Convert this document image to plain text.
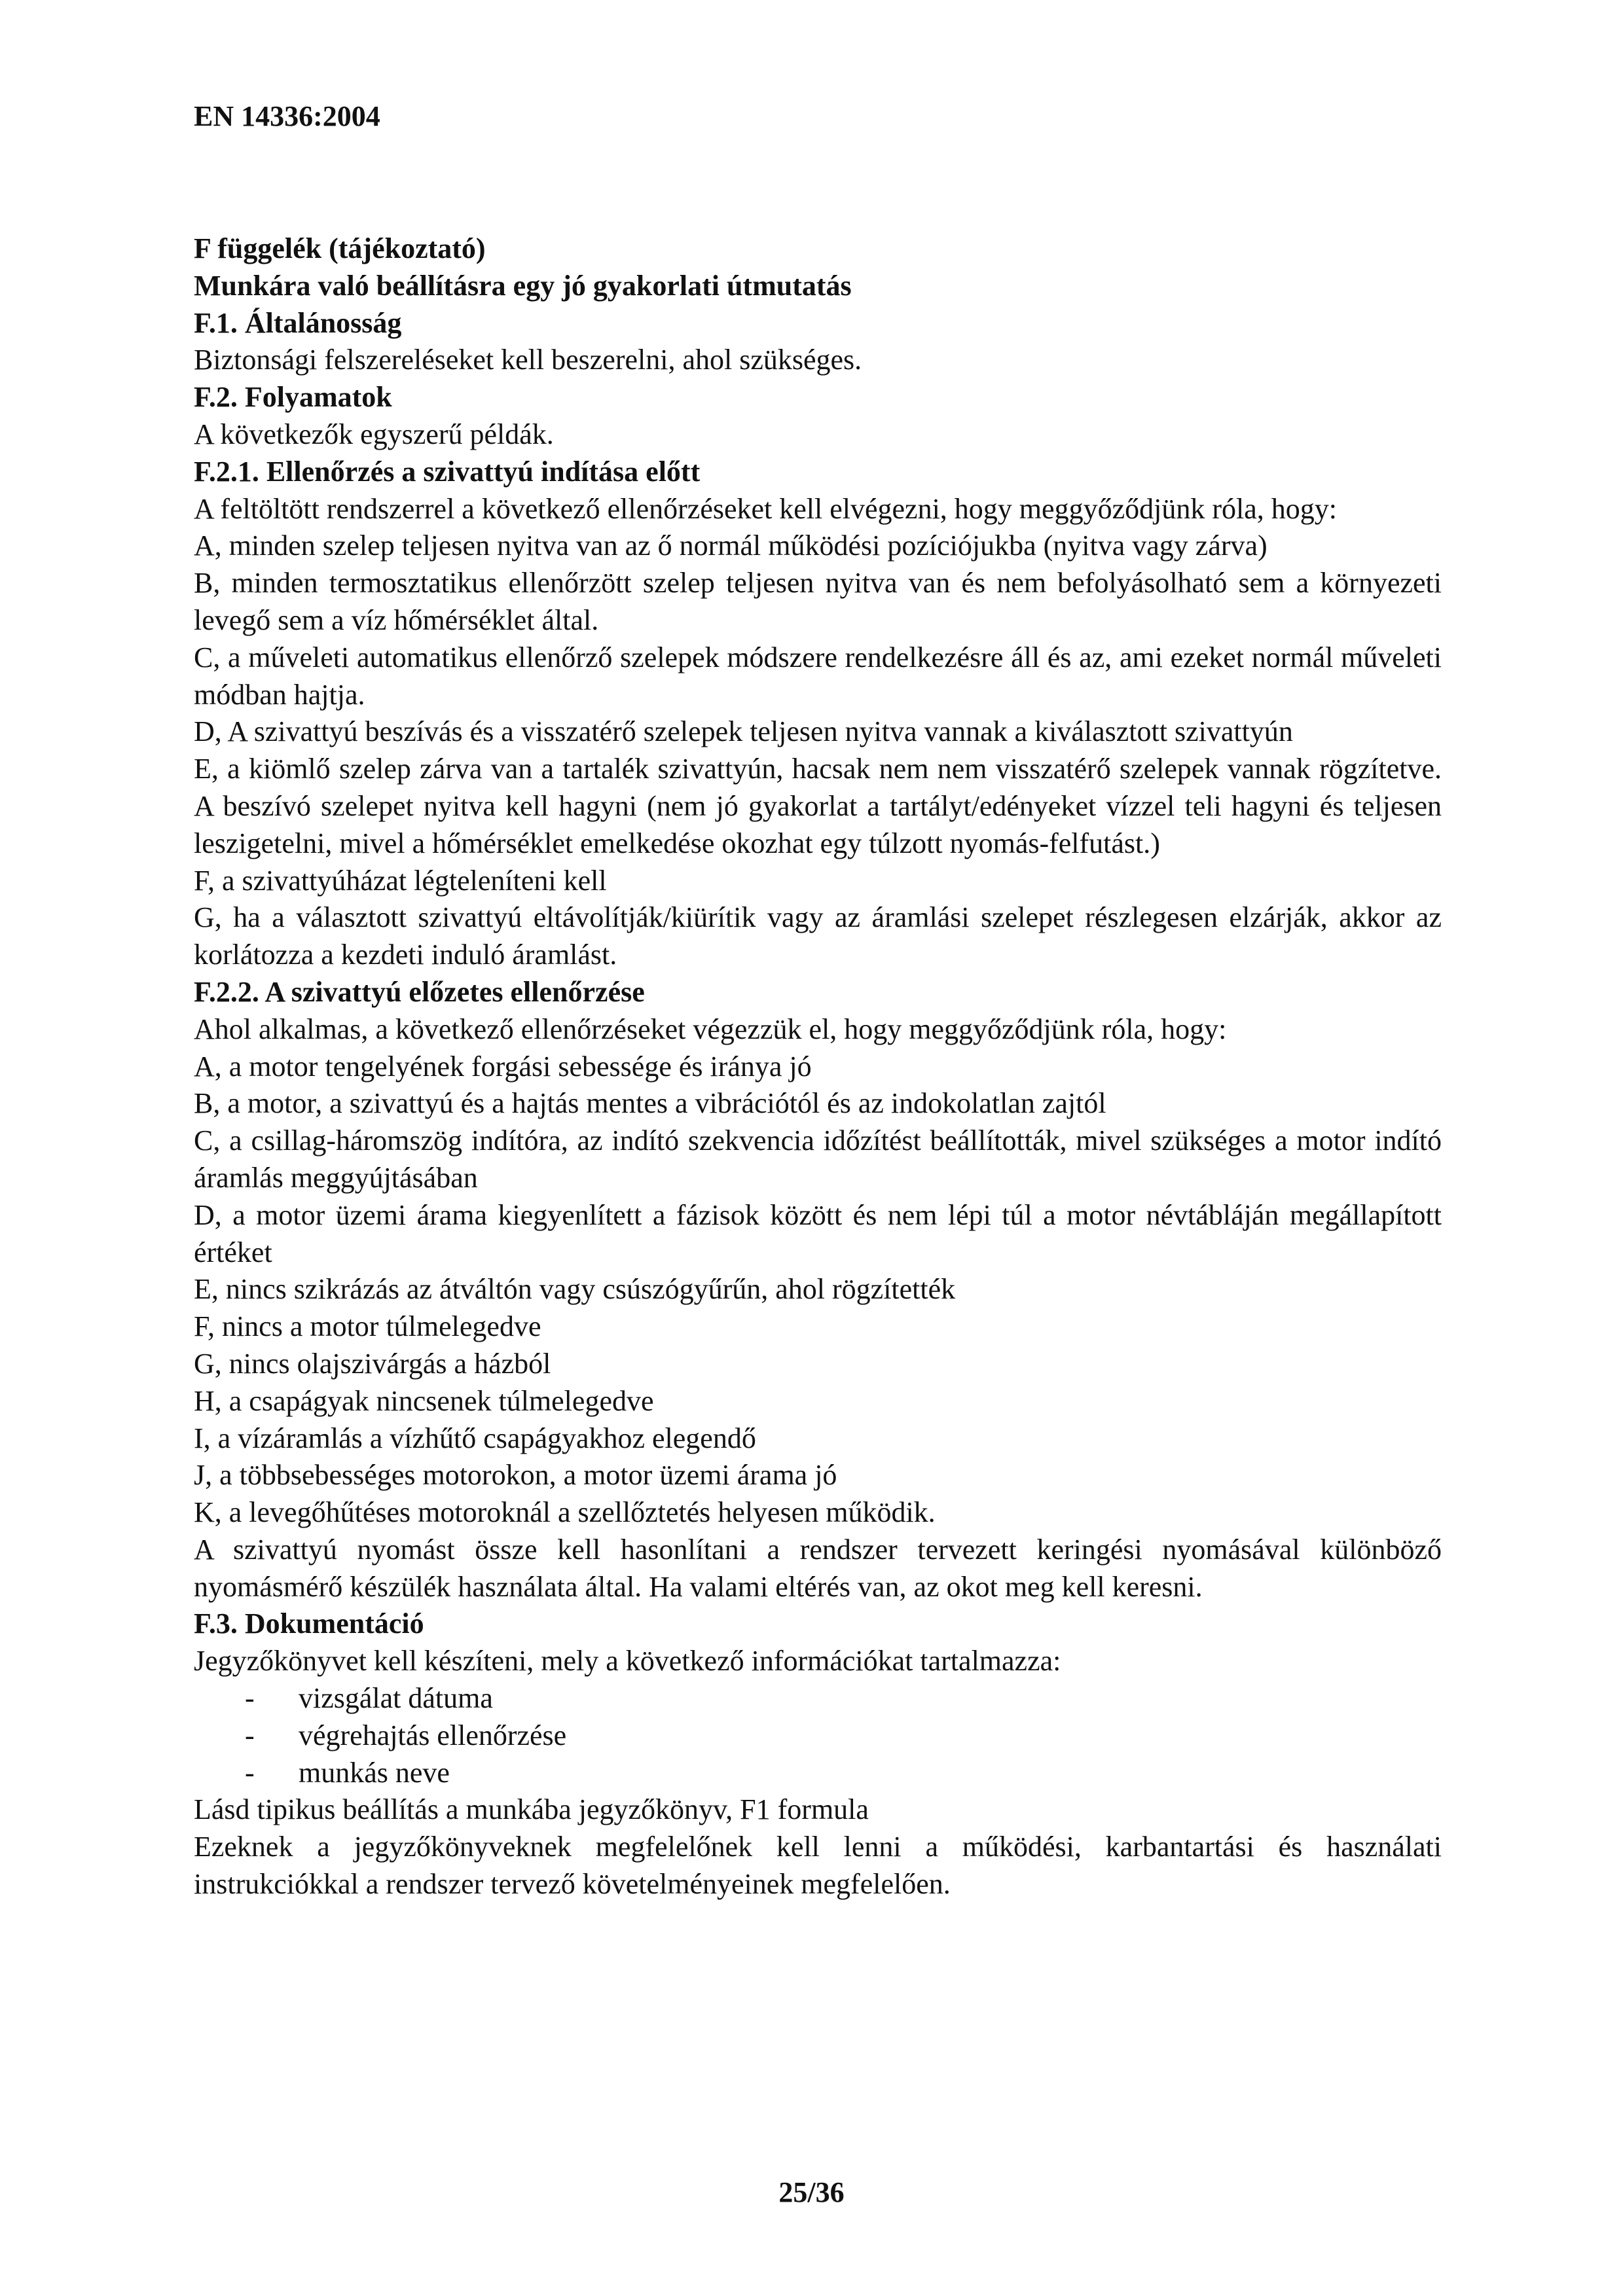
EN 14336:2004

F függelék (tájékoztató)

Munkára való beállításra egy jó gyakorlati útmutatás

F.1. Általánosság

Biztonsági felszereléseket kell beszerelni, ahol szükséges.

F.2. Folyamatok

A következők egyszerű példák.

F.2.1. Ellenőrzés a szivattyú indítása előtt

A feltöltött rendszerrel a következő ellenőrzéseket kell elvégezni, hogy meggyőződjünk róla, hogy:

A, minden szelep teljesen nyitva van az ő normál működési pozíciójukba (nyitva vagy zárva)

B, minden termosztatikus ellenőrzött szelep teljesen nyitva van és nem befolyásolható sem a környezeti levegő sem a víz hőmérséklet által.

C, a műveleti automatikus ellenőrző szelepek módszere rendelkezésre áll és az, ami ezeket normál műveleti módban hajtja.

D, A szivattyú beszívás és a visszatérő szelepek teljesen nyitva vannak a kiválasztott szivattyún

E, a kiömlő szelep zárva van a tartalék szivattyún, hacsak nem nem visszatérő szelepek vannak rögzítetve. A beszívó szelepet nyitva kell hagyni (nem jó gyakorlat a tartályt/edényeket vízzel teli hagyni és teljesen leszigetelni, mivel a hőmérséklet emelkedése okozhat egy túlzott nyomás-felfutást.)

F, a szivattyúházat légteleníteni kell

G, ha a választott szivattyú eltávolítják/kiürítik vagy az áramlási szelepet részlegesen elzárják, akkor az korlátozza a kezdeti induló áramlást.

F.2.2. A szivattyú előzetes ellenőrzése

Ahol alkalmas, a következő ellenőrzéseket végezzük el, hogy meggyőződjünk róla, hogy:

A, a motor tengelyének forgási sebessége és iránya jó

B, a motor, a szivattyú és a hajtás mentes a vibrációtól és az indokolatlan zajtól

C, a csillag-háromszög indítóra, az indító szekvencia időzítést beállították, mivel szükséges a motor indító áramlás meggyújtásában

D, a motor üzemi árama kiegyenlített a fázisok között és nem lépi túl a motor névtábláján megállapított értéket

E, nincs szikrázás az átváltón vagy csúszógyűrűn, ahol rögzítették

F, nincs a motor túlmelegedve

G, nincs olajszivárgás a házból

H, a csapágyak nincsenek túlmelegedve

I, a vízáramlás a vízhűtő csapágyakhoz elegendő

J, a többsebességes motorokon, a motor üzemi árama jó

K, a levegőhűtéses motoroknál a szellőztetés helyesen működik.

A szivattyú nyomást össze kell hasonlítani a rendszer tervezett keringési nyomásával különböző nyomásmérő készülék használata által. Ha valami eltérés van, az okot meg kell keresni.

F.3. Dokumentáció

Jegyzőkönyvet kell készíteni, mely a következő információkat tartalmazza:

-	vizsgálat dátuma
-	végrehajtás ellenőrzése
-	munkás neve

Lásd tipikus beállítás a munkába jegyzőkönyv, F1 formula

Ezeknek a jegyzőkönyveknek megfelelőnek kell lenni a működési, karbantartási és használati instrukciókkal a rendszer tervező követelményeinek megfelelően.

25/36
